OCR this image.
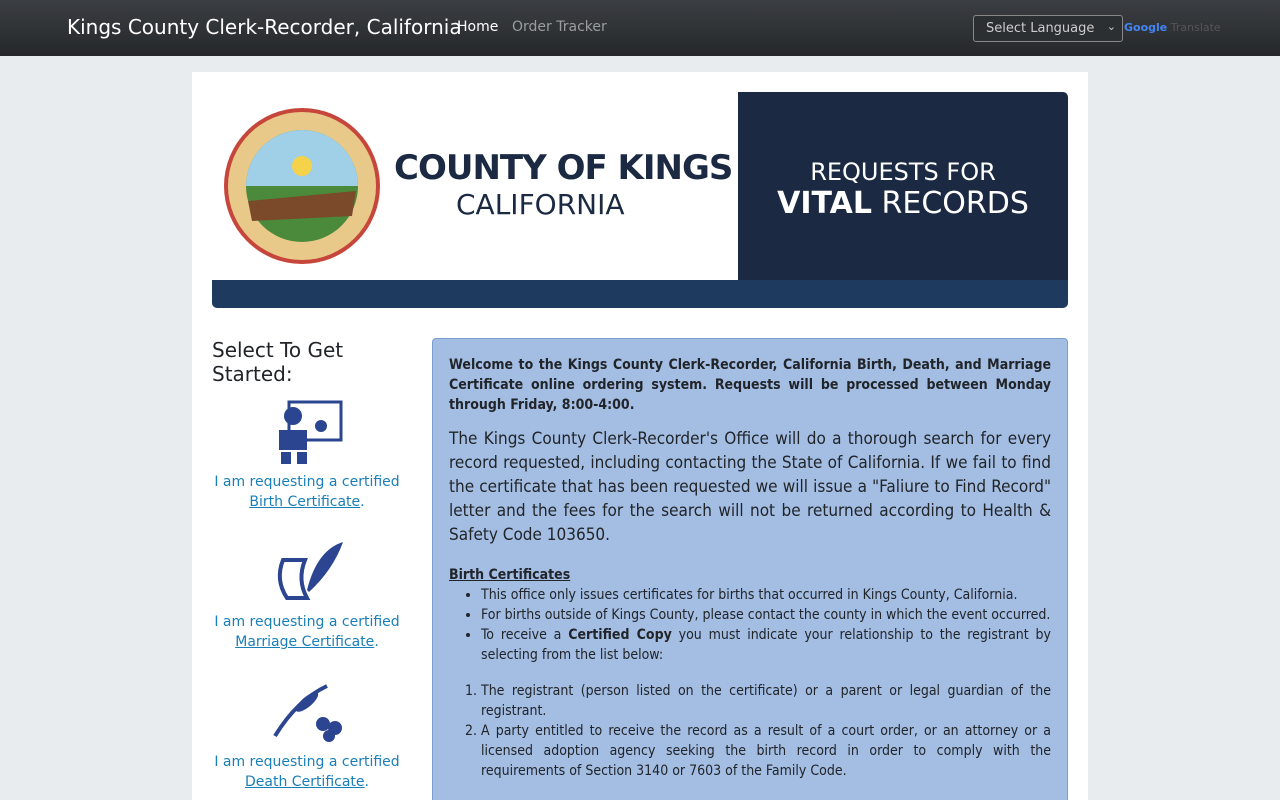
Kings County Clerk-Recorder, California
Home Order Tracker	Select Language ⌄ Google Translate
COUNTY OF KINGS
CALIFORNIA
REQUESTS FOR
VITAL RECORDS
Select To Get Started:
I am requesting a certified
Birth Certificate.
I am requesting a certified
Marriage Certificate.
I am requesting a certified
Death Certificate.

Welcome to the Kings County Clerk-Recorder, California Birth, Death, and Marriage Certificate online ordering system. Requests will be processed between Monday through Friday, 8:00-4:00.

The Kings County Clerk-Recorder's Office will do a thorough search for every record requested, including contacting the State of California. If we fail to find the certificate that has been requested we will issue a "Faliure to Find Record" letter and the fees for the search will not be returned according to Health & Safety Code 103650.

Birth Certificates

• This office only issues certificates for births that occurred in Kings County, California.
• For births outside of Kings County, please contact the county in which the event occurred.
• To receive a Certified Copy you must indicate your relationship to the registrant by selecting from the list below:
1. The registrant (person listed on the certificate) or a parent or legal guardian of the registrant.
2. A party entitled to receive the record as a result of a court order, or an attorney or a licensed adoption agency seeking the birth record in order to comply with the requirements of Section 3140 or 7603 of the Family Code.
